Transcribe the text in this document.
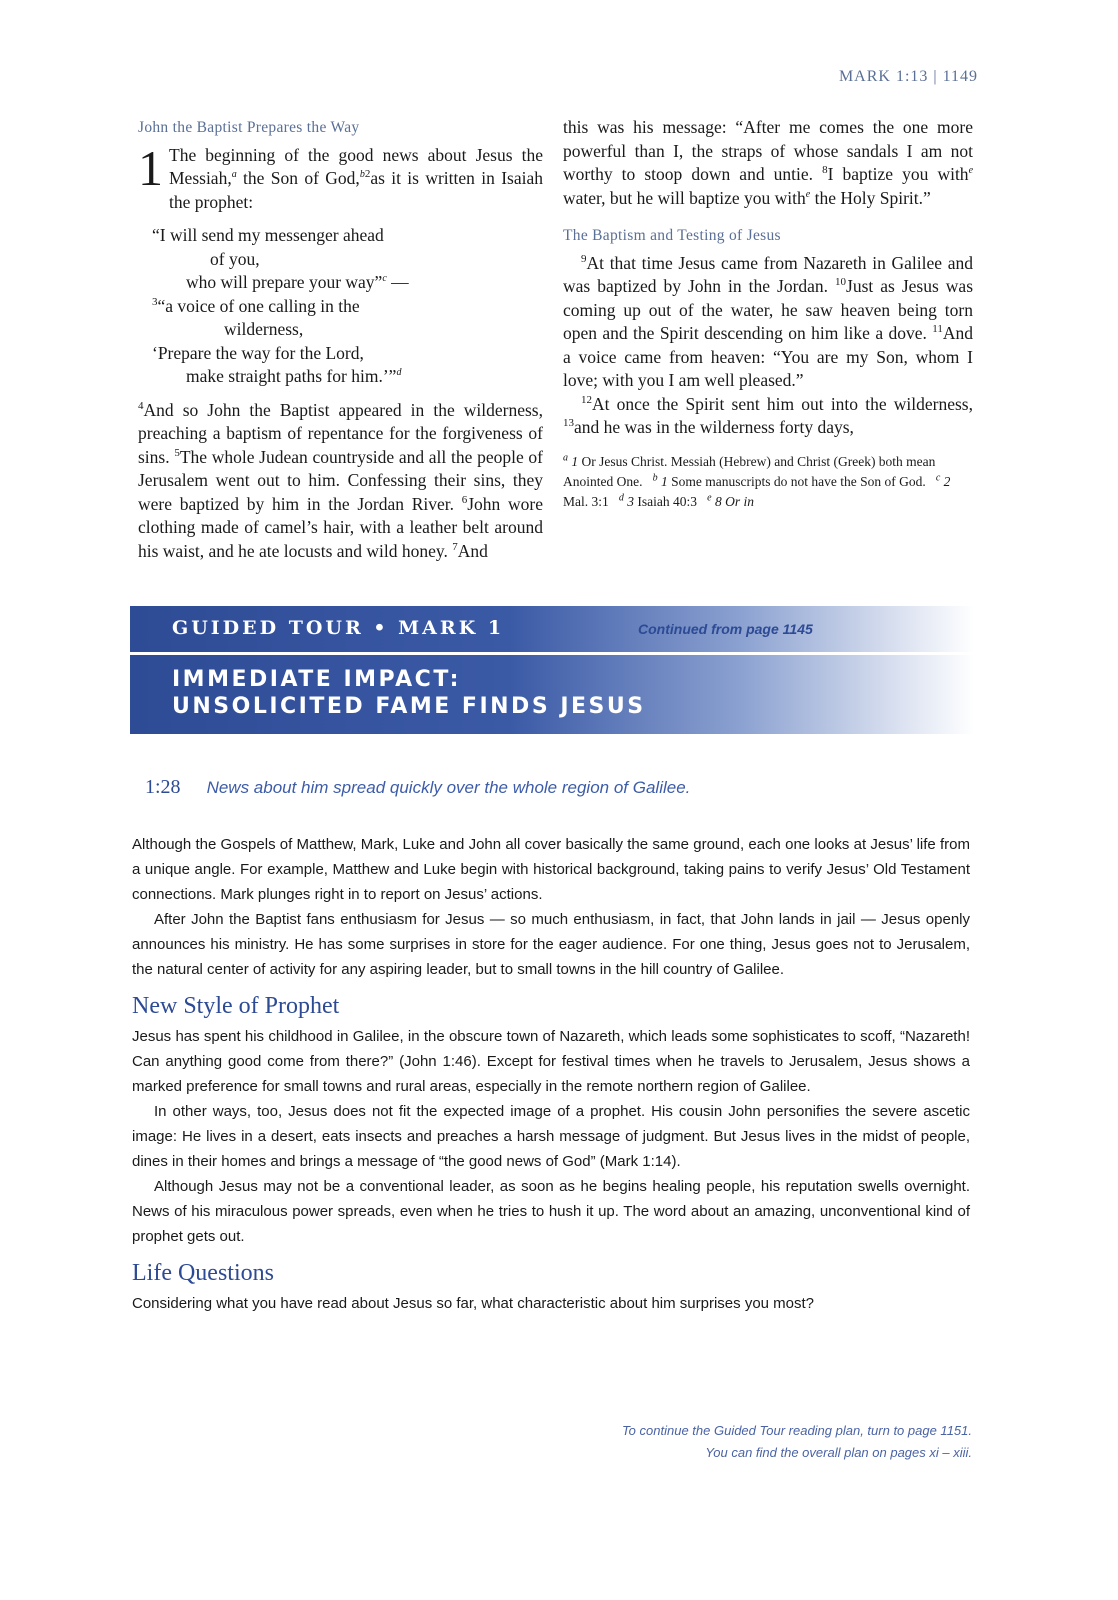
MARK 1:13 | 1149
John the Baptist Prepares the Way
1 The beginning of the good news about Jesus the Messiah,$^a$ the Son of God,$^{b2}$as it is written in Isaiah the prophet:

“I will send my messenger ahead
of you,
who will prepare your way”$^c$ —
$^3$“a voice of one calling in the
wilderness,
‘Prepare the way for the Lord,
make straight paths for him.’”$^d$

$^4$And so John the Baptist appeared in the wilderness, preaching a baptism of repentance for the forgiveness of sins. $^5$The whole Judean countryside and all the people of Jerusalem went out to him. Confessing their sins, they were baptized by him in the Jordan River. $^6$John wore clothing made of camel’s hair, with a leather belt around his waist, and he ate locusts and wild honey. $^7$And

this was his message: “After me comes the one more powerful than I, the straps of whose sandals I am not worthy to stoop down and untie. $^8$I baptize you with$^e$ water, but he will baptize you with$^e$ the Holy Spirit.”

The Baptism and Testing of Jesus

$^9$At that time Jesus came from Nazareth in Galilee and was baptized by John in the Jordan. $^{10}$Just as Jesus was coming up out of the water, he saw heaven being torn open and the Spirit descending on him like a dove. $^{11}$And a voice came from heaven: “You are my Son, whom I love; with you I am well pleased.”

$^{12}$At once the Spirit sent him out into the wilderness, $^{13}$and he was in the wilderness forty days,

$^a$ 1 Or Jesus Christ. Messiah (Hebrew) and Christ (Greek) both mean Anointed One. $^b$ 1 Some manuscripts do not have the Son of God. $^c$ 2 Mal. 3:1 $^d$ 3 Isaiah 40:3 $^e$ 8 Or in
GUIDED TOUR • MARK 1	Continued from page 1145
IMMEDIATE IMPACT:
UNSOLICITED FAME FINDS JESUS
1:28 News about him spread quickly over the whole region of Galilee.

Although the Gospels of Matthew, Mark, Luke and John all cover basically the same ground, each one looks at Jesus’ life from a unique angle. For example, Matthew and Luke begin with historical background, taking pains to verify Jesus’ Old Testament connections. Mark plunges right in to report on Jesus’ actions.

After John the Baptist fans enthusiasm for Jesus — so much enthusiasm, in fact, that John lands in jail — Jesus openly announces his ministry. He has some surprises in store for the eager audience. For one thing, Jesus goes not to Jerusalem, the natural center of activity for any aspiring leader, but to small towns in the hill country of Galilee.

New Style of Prophet

Jesus has spent his childhood in Galilee, in the obscure town of Nazareth, which leads some sophisticates to scoff, “Nazareth! Can anything good come from there?” (John 1:46). Except for festival times when he travels to Jerusalem, Jesus shows a marked preference for small towns and rural areas, especially in the remote northern region of Galilee.

In other ways, too, Jesus does not fit the expected image of a prophet. His cousin John personifies the severe ascetic image: He lives in a desert, eats insects and preaches a harsh message of judgment. But Jesus lives in the midst of people, dines in their homes and brings a message of “the good news of God” (Mark 1:14).

Although Jesus may not be a conventional leader, as soon as he begins healing people, his reputation swells overnight. News of his miraculous power spreads, even when he tries to hush it up. The word about an amazing, unconventional kind of prophet gets out.

Life Questions

Considering what you have read about Jesus so far, what characteristic about him surprises you most?

To continue the Guided Tour reading plan, turn to page 1151.
You can find the overall plan on pages xi – xiii.
